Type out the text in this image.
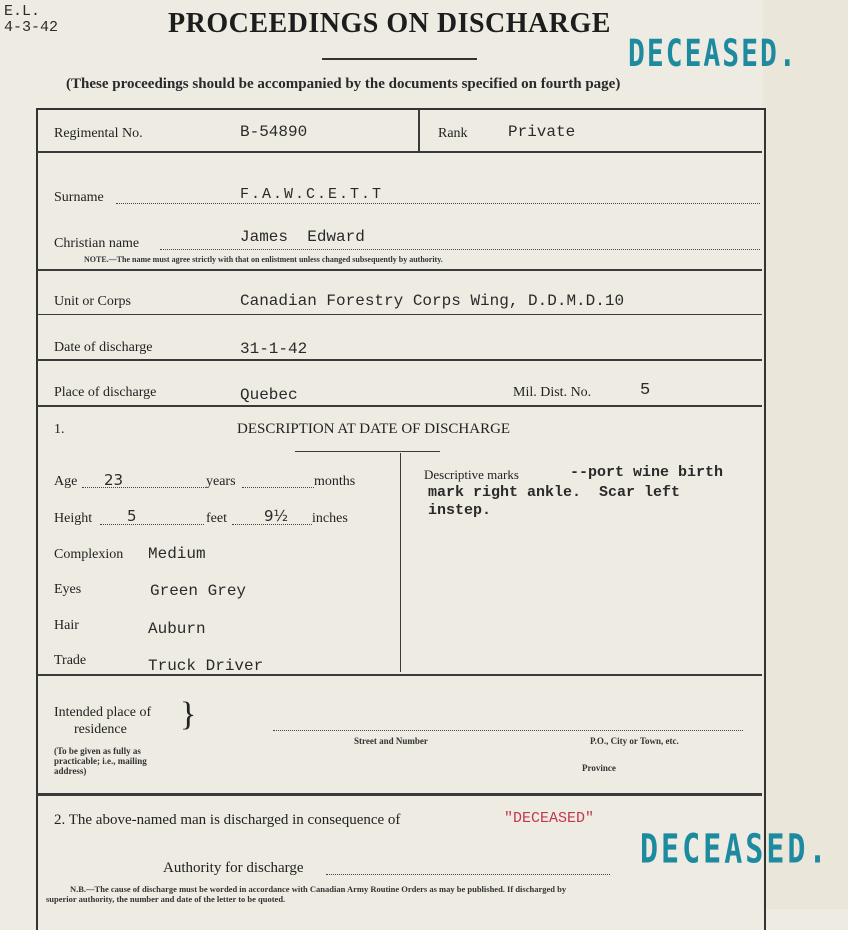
E.L.
4-3-42	PROCEEDINGS ON DISCHARGE
(These proceedings should be accompanied by the documents specified on fourth page)
DECEASED.
Regimental No.	B-54890	Rank	Private
Surname	F.A.W.C.E.T.T
Christian name	James  Edward
NOTE.—The name must agree strictly with that on enlistment unless changed subsequently by authority.
Unit or Corps	Canadian Forestry Corps Wing, D.D.M.D.10
Date of discharge	31-1-42
Place of discharge	Quebec	Mil. Dist. No.	5
1.	DESCRIPTION AT DATE OF DISCHARGE
Age 23	years	months
Height 5	feet 9½ inches
Complexion Medium
Eyes	Green Grey
Hair	Auburn
Trade	Truck Driver
Descriptive marks	--port wine birth
mark right ankle.  Scar left
instep.
Intended place of
residence	}
(To be given as fully as
practicable; i.e., mailing
address)
Street and Number	P.O., City or Town, etc.
Province
2. The above-named man is discharged in consequence of	"DECEASED"
Authority for discharge
N.B.—The cause of discharge must be worded in accordance with Canadian Army Routine Orders as may be published. If discharged by
superior authority, the number and date of the letter to be quoted.
DECEASED.
